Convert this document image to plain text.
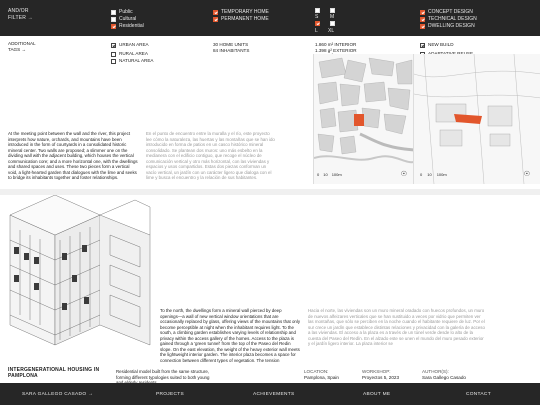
AND/OR
FILTER →
Public
Cultural
Residential
TEMPORARY HOME
PERMANENT HOME	S M
L XL
CONCEPT DESIGN
TECHNICAL DESIGN
DWELLING DESIGN
ADDITIONAL
TAGS →
URBAN AREA
RURAL AREA
NATURAL AREA
30 HOME UNITS
84 INHABITANTS
1.860 m² INTERIOR
1.398 g² EXTERIOR
NEW BUILD
At the meeting point between the wall and the river, this project interprets how nature, orchards, and mountains have been introduced in the form of courtyards in a consolidated historic mineral center. Two walls are proposed; a slimmer one on the dividing wall with the adjacent building, which houses the vertical communication core; and a more horizontal one, with the dwellings and shared spaces and uses. These two pieces form a vertical void, a light-hearted garden that dialogues with the lime and seeks to bridge its inhabitants together and foster relationships.
En el punto de encuentro entre la muralla y el río, este proyecto lee cómo la naturaleza, las huertas y las montañas que se han ido introducido en forma de patios en un casco histórico mineral consolidado. Se plantean dos muros: uno más esbelto en la medianera con el edificio contiguo, que recoge el núcleo de comunicación vertical y otro más horizontal, con las viviendas y espacios y usos compartidos. Estas dos piezas conforman un vacío vertical, un jardín con un carácter ligero que dialoga con el lime y busca el encuentro y la relación de sus habitantes.
0 10 100m	☉	0 10 100m	☉
To the north, the dwellings form a mineral wall pierced by deep openings—a wall of new vertical window orientations that are occasionally replaced by glass, offering views of the mountains that only become perceptible at night when the inhabitant requires light. To the south, a climbing garden establishes varying levels of relationship and privacy within the access gallery of the homes. Access to the plaza is gained through a 'green tunnel' from the top of the Paseo del Redin slope. On the east elevation, the weight of the heavy exterior wall meets the lightweight interior garden. The interior plaza becomes a space for connection between different types of vegetation. The tension
Hacia el norte, las viviendas son un muro mineral oradado con huecos profundos, un muro de nuevos alfeizares verticales que se han sustituido a veces por vidrio que permiten ver las montañas, que sólo se perciben en la noche cuando el habitante requiere de luz. Por el sur crece un jardín que establece distintas relaciones y privacidad con la galería de acceso a las viviendas. El acceso a la plaza es a través de un túnel verde desde lo alto de la cuesta del Paseo del Redín. En el alzado este se unen el mundo del muro pesado exterior y el jardín ligero interior. La plaza interior se
Residential model built from the same structure, forming different typologies suited to both young
INTERGENERATIONAL HOUSING IN
PAMPLONA
LOCATION:
Pamplona, Spain
WORKSHOP:
Proyectos 5, 2023
AUTHOR(S):
Sara Gallego Casado
SARA GALLEGO CASADO →	PROJECTS	ACHIEVEMENTS	ABOUT ME	CONTACT
